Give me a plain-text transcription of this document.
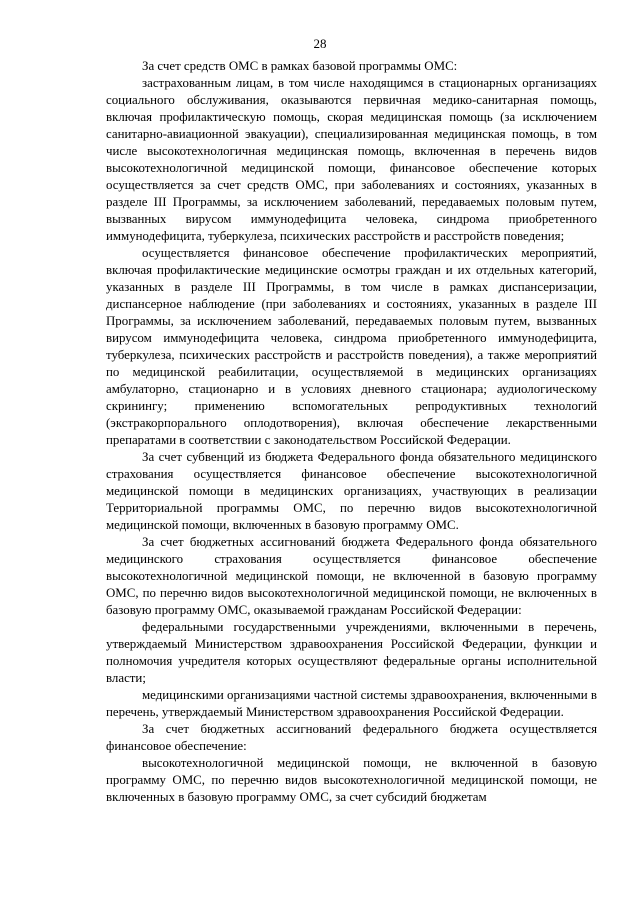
28

За счет средств ОМС в рамках базовой программы ОМС:

застрахованным лицам, в том числе находящимся в стационарных организациях социального обслуживания, оказываются первичная медико-санитарная помощь, включая профилактическую помощь, скорая медицинская помощь (за исключением санитарно-авиационной эвакуации), специализированная медицинская помощь, в том числе высокотехнологичная медицинская помощь, включенная в перечень видов высокотехнологичной медицинской помощи, финансовое обеспечение которых осуществляется за счет средств ОМС, при заболеваниях и состояниях, указанных в разделе III Программы, за исключением заболеваний, передаваемых половым путем, вызванных вирусом иммунодефицита человека, синдрома приобретенного иммунодефицита, туберкулеза, психических расстройств и расстройств поведения;

осуществляется финансовое обеспечение профилактических мероприятий, включая профилактические медицинские осмотры граждан и их отдельных категорий, указанных в разделе III Программы, в том числе в рамках диспансеризации, диспансерное наблюдение (при заболеваниях и состояниях, указанных в разделе III Программы, за исключением заболеваний, передаваемых половым путем, вызванных вирусом иммунодефицита человека, синдрома приобретенного иммунодефицита, туберкулеза, психических расстройств и расстройств поведения), а также мероприятий по медицинской реабилитации, осуществляемой в медицинских организациях амбулаторно, стационарно и в условиях дневного стационара; аудиологическому скринингу; применению вспомогательных репродуктивных технологий (экстракорпорального оплодотворения), включая обеспечение лекарственными препаратами в соответствии с законодательством Российской Федерации.

За счет субвенций из бюджета Федерального фонда обязательного медицинского страхования осуществляется финансовое обеспечение высокотехнологичной медицинской помощи в медицинских организациях, участвующих в реализации Территориальной программы ОМС, по перечню видов высокотехнологичной медицинской помощи, включенных в базовую программу ОМС.

За счет бюджетных ассигнований бюджета Федерального фонда обязательного медицинского страхования осуществляется финансовое обеспечение высокотехнологичной медицинской помощи, не включенной в базовую программу ОМС, по перечню видов высокотехнологичной медицинской помощи, не включенных в базовую программу ОМС, оказываемой гражданам Российской Федерации:

федеральными государственными учреждениями, включенными в перечень, утверждаемый Министерством здравоохранения Российской Федерации, функции и полномочия учредителя которых осуществляют федеральные органы исполнительной власти;

медицинскими организациями частной системы здравоохранения, включенными в перечень, утверждаемый Министерством здравоохранения Российской Федерации.

За счет бюджетных ассигнований федерального бюджета осуществляется финансовое обеспечение:

высокотехнологичной медицинской помощи, не включенной в базовую программу ОМС, по перечню видов высокотехнологичной медицинской помощи, не включенных в базовую программу ОМС, за счет субсидий бюджетам
